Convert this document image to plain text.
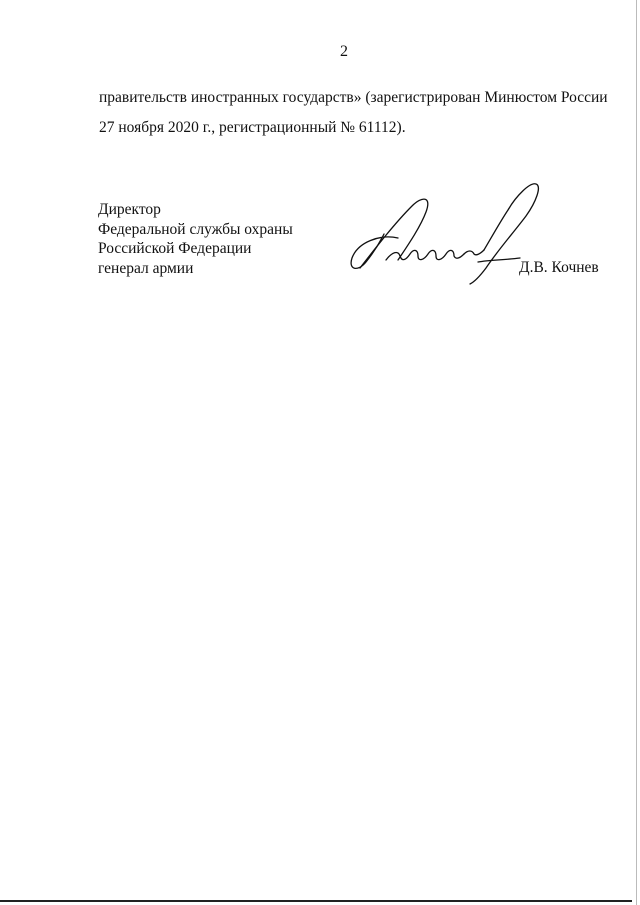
2
правительств иностранных государств» (зарегистрирован Минюстом России
27 ноября 2020 г., регистрационный № 61112).
Директор
Федеральной службы охраны
Российской Федерации
генерал армии	Д.В. Кочнев
